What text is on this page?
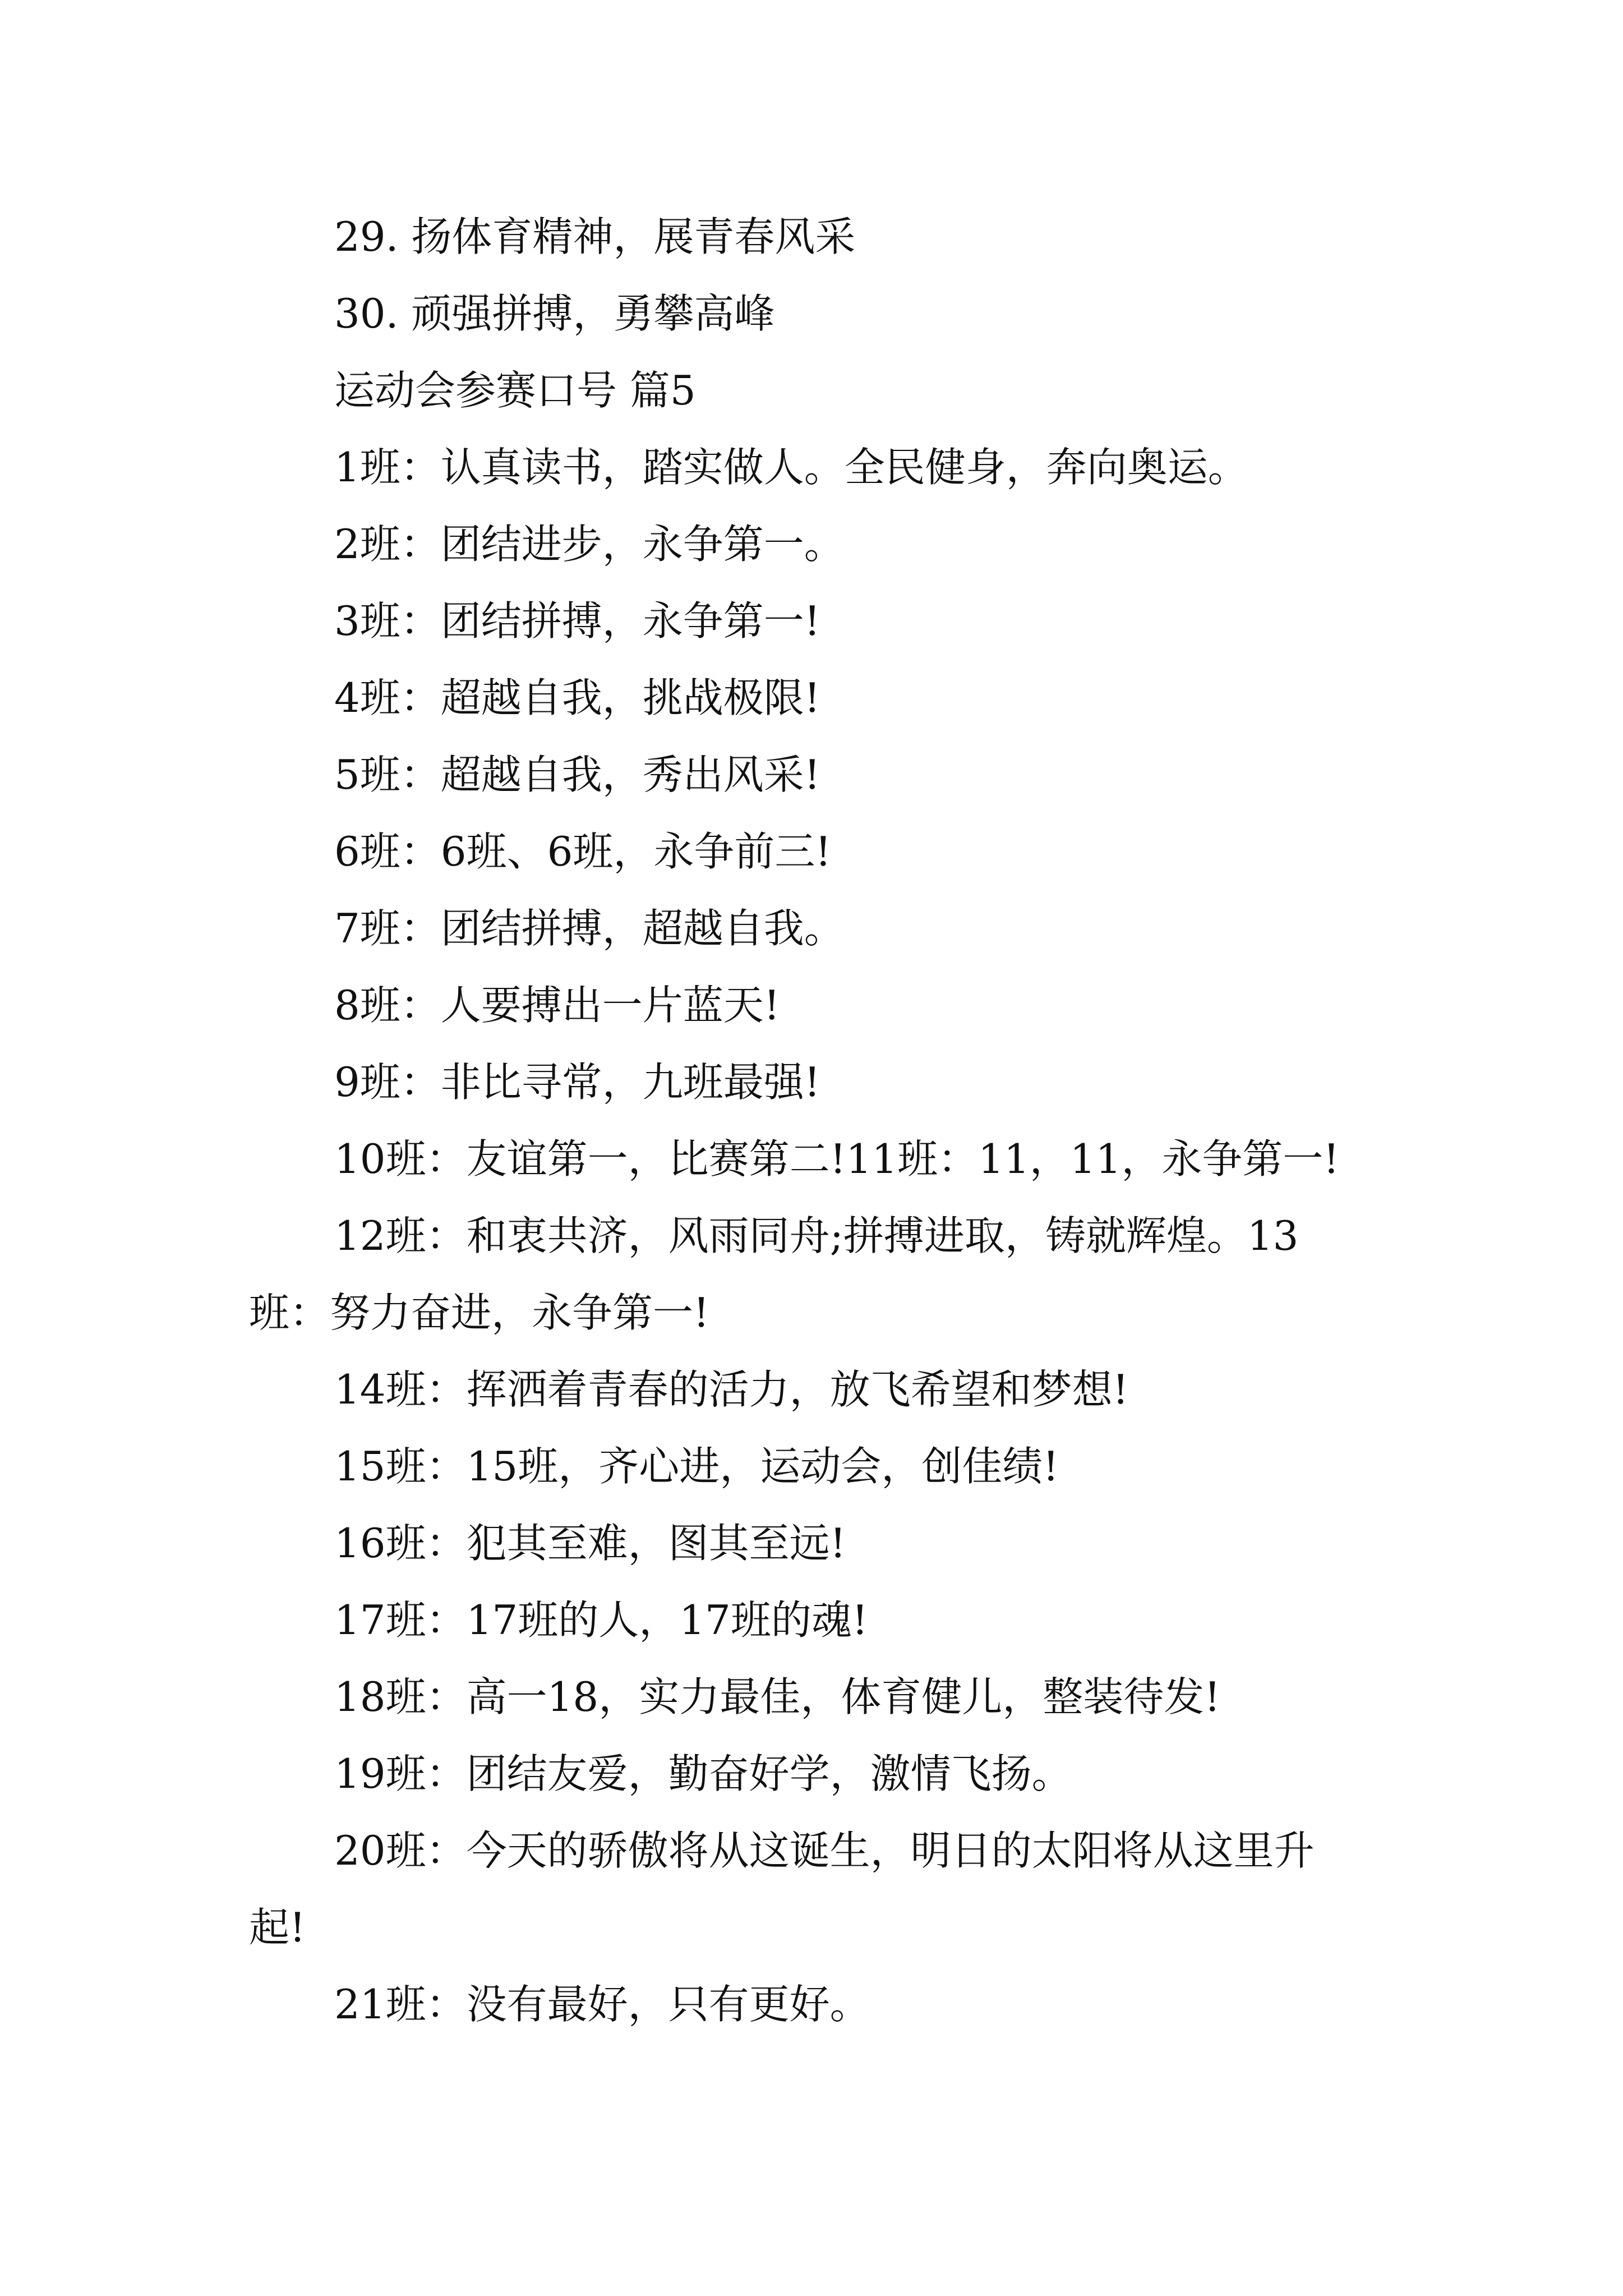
29. 扬体育精神，展青春风采
30. 顽强拼搏，勇攀高峰
运动会参赛口号 篇5
1班：认真读书，踏实做人。全民健身，奔向奥运。
2班：团结进步，永争第一。
3班：团结拼搏，永争第一!
4班：超越自我，挑战极限!
5班：超越自我，秀出风采!
6班：6班、6班，永争前三!
7班：团结拼搏，超越自我。
8班：人要搏出一片蓝天!
9班：非比寻常，九班最强!
10班：友谊第一，比赛第二!11班：11，11，永争第一!
12班：和衷共济，风雨同舟;拼搏进取，铸就辉煌。13
班：努力奋进，永争第一!
14班：挥洒着青春的活力，放飞希望和梦想!
15班：15班，齐心进，运动会，创佳绩!
16班：犯其至难，图其至远!
17班：17班的人，17班的魂!
18班：高一18，实力最佳，体育健儿，整装待发!
19班：团结友爱，勤奋好学，激情飞扬。
20班：今天的骄傲将从这诞生，明日的太阳将从这里升
起!
21班：没有最好，只有更好。
